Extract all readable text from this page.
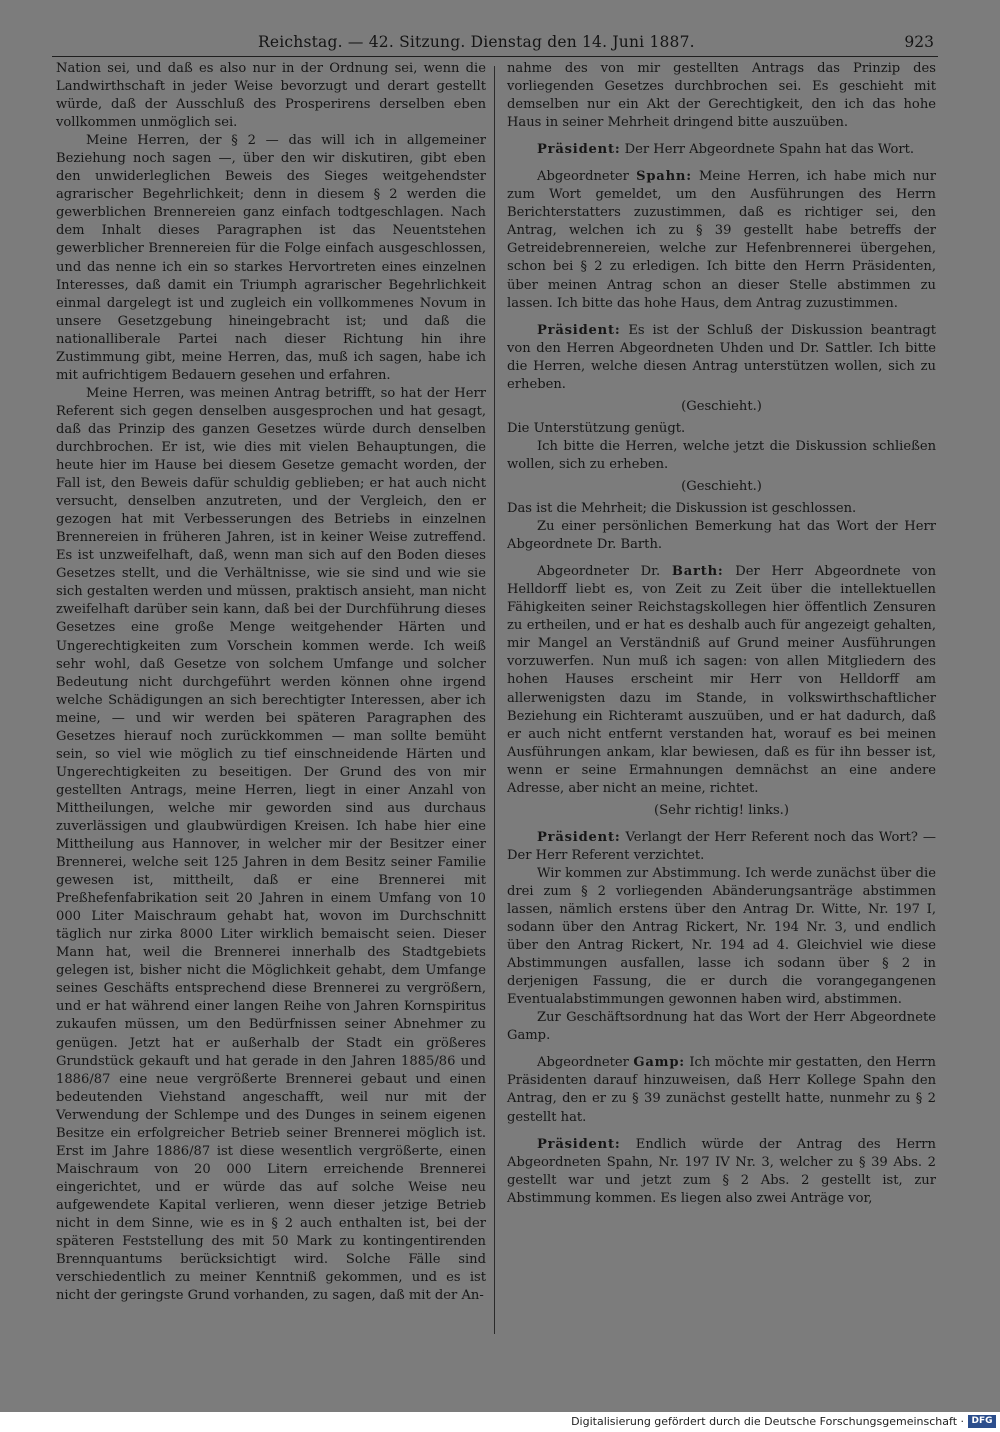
Reichstag. — 42. Sitzung. Dienstag den 14. Juni 1887.	923

Nation sei, und daß es also nur in der Ordnung sei, wenn die Landwirthschaft in jeder Weise bevorzugt und derart gestellt würde, daß der Ausschluß des Prosperirens derselben eben vollkommen unmöglich sei.

Meine Herren, der § 2 — das will ich in allgemeiner Beziehung noch sagen —, über den wir diskutiren, gibt eben den unwiderleglichen Beweis des Sieges weitgehendster agrarischer Begehrlichkeit; denn in diesem § 2 werden die gewerblichen Brennereien ganz einfach todtgeschlagen. Nach dem Inhalt dieses Paragraphen ist das Neuentstehen gewerblicher Brennereien für die Folge einfach ausgeschlossen, und das nenne ich ein so starkes Hervortreten eines einzelnen Interesses, daß damit ein Triumph agrarischer Begehrlichkeit einmal dargelegt ist und zugleich ein vollkommenes Novum in unsere Gesetzgebung hineingebracht ist; und daß die nationalliberale Partei nach dieser Richtung hin ihre Zustimmung gibt, meine Herren, das, muß ich sagen, habe ich mit aufrichtigem Bedauern gesehen und erfahren.

Meine Herren, was meinen Antrag betrifft, so hat der Herr Referent sich gegen denselben ausgesprochen und hat gesagt, daß das Prinzip des ganzen Gesetzes würde durch denselben durchbrochen. Er ist, wie dies mit vielen Behauptungen, die heute hier im Hause bei diesem Gesetze gemacht worden, der Fall ist, den Beweis dafür schuldig geblieben; er hat auch nicht versucht, denselben anzutreten, und der Vergleich, den er gezogen hat mit Verbesserungen des Betriebs in einzelnen Brennereien in früheren Jahren, ist in keiner Weise zutreffend. Es ist unzweifelhaft, daß, wenn man sich auf den Boden dieses Gesetzes stellt, und die Verhältnisse, wie sie sind und wie sie sich gestalten werden und müssen, praktisch ansieht, man nicht zweifelhaft darüber sein kann, daß bei der Durchführung dieses Gesetzes eine große Menge weitgehender Härten und Ungerechtigkeiten zum Vorschein kommen werde. Ich weiß sehr wohl, daß Gesetze von solchem Umfange und solcher Bedeutung nicht durchgeführt werden können ohne irgend welche Schädigungen an sich berechtigter Interessen, aber ich meine, — und wir werden bei späteren Paragraphen des Gesetzes hierauf noch zurückkommen — man sollte bemüht sein, so viel wie möglich zu tief einschneidende Härten und Ungerechtigkeiten zu beseitigen. Der Grund des von mir gestellten Antrags, meine Herren, liegt in einer Anzahl von Mittheilungen, welche mir geworden sind aus durchaus zuverlässigen und glaubwürdigen Kreisen. Ich habe hier eine Mittheilung aus Hannover, in welcher mir der Besitzer einer Brennerei, welche seit 125 Jahren in dem Besitz seiner Familie gewesen ist, mittheilt, daß er eine Brennerei mit Preßhefenfabrikation seit 20 Jahren in einem Umfang von 10 000 Liter Maischraum gehabt hat, wovon im Durchschnitt täglich nur zirka 8000 Liter wirklich bemaischt seien. Dieser Mann hat, weil die Brennerei innerhalb des Stadtgebiets gelegen ist, bisher nicht die Möglichkeit gehabt, dem Umfange seines Geschäfts entsprechend diese Brennerei zu vergrößern, und er hat während einer langen Reihe von Jahren Kornspiritus zukaufen müssen, um den Bedürfnissen seiner Abnehmer zu genügen. Jetzt hat er außerhalb der Stadt ein größeres Grundstück gekauft und hat gerade in den Jahren 1885/86 und 1886/87 eine neue vergrößerte Brennerei gebaut und einen bedeutenden Viehstand angeschafft, weil nur mit der Verwendung der Schlempe und des Dunges in seinem eigenen Besitze ein erfolgreicher Betrieb seiner Brennerei möglich ist. Erst im Jahre 1886/87 ist diese wesentlich vergrößerte, einen Maischraum von 20 000 Litern erreichende Brennerei eingerichtet, und er würde das auf solche Weise neu aufgewendete Kapital verlieren, wenn dieser jetzige Betrieb nicht in dem Sinne, wie es in § 2 auch enthalten ist, bei der späteren Feststellung des mit 50 Mark zu kontingentirenden Brennquantums berücksichtigt wird. Solche Fälle sind verschiedentlich zu meiner Kenntniß gekommen, und es ist nicht der geringste Grund vorhanden, zu sagen, daß mit der An-

nahme des von mir gestellten Antrags das Prinzip des vorliegenden Gesetzes durchbrochen sei. Es geschieht mit demselben nur ein Akt der Gerechtigkeit, den ich das hohe Haus in seiner Mehrheit dringend bitte auszuüben.

Präsident: Der Herr Abgeordnete Spahn hat das Wort.

Abgeordneter Spahn: Meine Herren, ich habe mich nur zum Wort gemeldet, um den Ausführungen des Herrn Berichterstatters zuzustimmen, daß es richtiger sei, den Antrag, welchen ich zu § 39 gestellt habe betreffs der Getreidebrennereien, welche zur Hefenbrennerei übergehen, schon bei § 2 zu erledigen. Ich bitte den Herrn Präsidenten, über meinen Antrag schon an dieser Stelle abstimmen zu lassen. Ich bitte das hohe Haus, dem Antrag zuzustimmen.

Präsident: Es ist der Schluß der Diskussion beantragt von den Herren Abgeordneten Uhden und Dr. Sattler. Ich bitte die Herren, welche diesen Antrag unterstützen wollen, sich zu erheben.

(Geschieht.)

Die Unterstützung genügt.

Ich bitte die Herren, welche jetzt die Diskussion schließen wollen, sich zu erheben.

(Geschieht.)

Das ist die Mehrheit; die Diskussion ist geschlossen.

Zu einer persönlichen Bemerkung hat das Wort der Herr Abgeordnete Dr. Barth.

Abgeordneter Dr. Barth: Der Herr Abgeordnete von Helldorff liebt es, von Zeit zu Zeit über die intellektuellen Fähigkeiten seiner Reichstagskollegen hier öffentlich Zensuren zu ertheilen, und er hat es deshalb auch für angezeigt gehalten, mir Mangel an Verständniß auf Grund meiner Ausführungen vorzuwerfen. Nun muß ich sagen: von allen Mitgliedern des hohen Hauses erscheint mir Herr von Helldorff am allerwenigsten dazu im Stande, in volkswirthschaftlicher Beziehung ein Richteramt auszuüben, und er hat dadurch, daß er auch nicht entfernt verstanden hat, worauf es bei meinen Ausführungen ankam, klar bewiesen, daß es für ihn besser ist, wenn er seine Ermahnungen demnächst an eine andere Adresse, aber nicht an meine, richtet.

(Sehr richtig! links.)

Präsident: Verlangt der Herr Referent noch das Wort? — Der Herr Referent verzichtet.

Wir kommen zur Abstimmung. Ich werde zunächst über die drei zum § 2 vorliegenden Abänderungsanträge abstimmen lassen, nämlich erstens über den Antrag Dr. Witte, Nr. 197 I, sodann über den Antrag Rickert, Nr. 194 Nr. 3, und endlich über den Antrag Rickert, Nr. 194 ad 4. Gleichviel wie diese Abstimmungen ausfallen, lasse ich sodann über § 2 in derjenigen Fassung, die er durch die vorangegangenen Eventualabstimmungen gewonnen haben wird, abstimmen.

Zur Geschäftsordnung hat das Wort der Herr Abgeordnete Gamp.

Abgeordneter Gamp: Ich möchte mir gestatten, den Herrn Präsidenten darauf hinzuweisen, daß Herr Kollege Spahn den Antrag, den er zu § 39 zunächst gestellt hatte, nunmehr zu § 2 gestellt hat.

Präsident: Endlich würde der Antrag des Herrn Abgeordneten Spahn, Nr. 197 IV Nr. 3, welcher zu § 39 Abs. 2 gestellt war und jetzt zum § 2 Abs. 2 gestellt ist, zur Abstimmung kommen. Es liegen also zwei Anträge vor,

Digitalisierung gefördert durch die Deutsche Forschungsgemeinschaft · DFG
